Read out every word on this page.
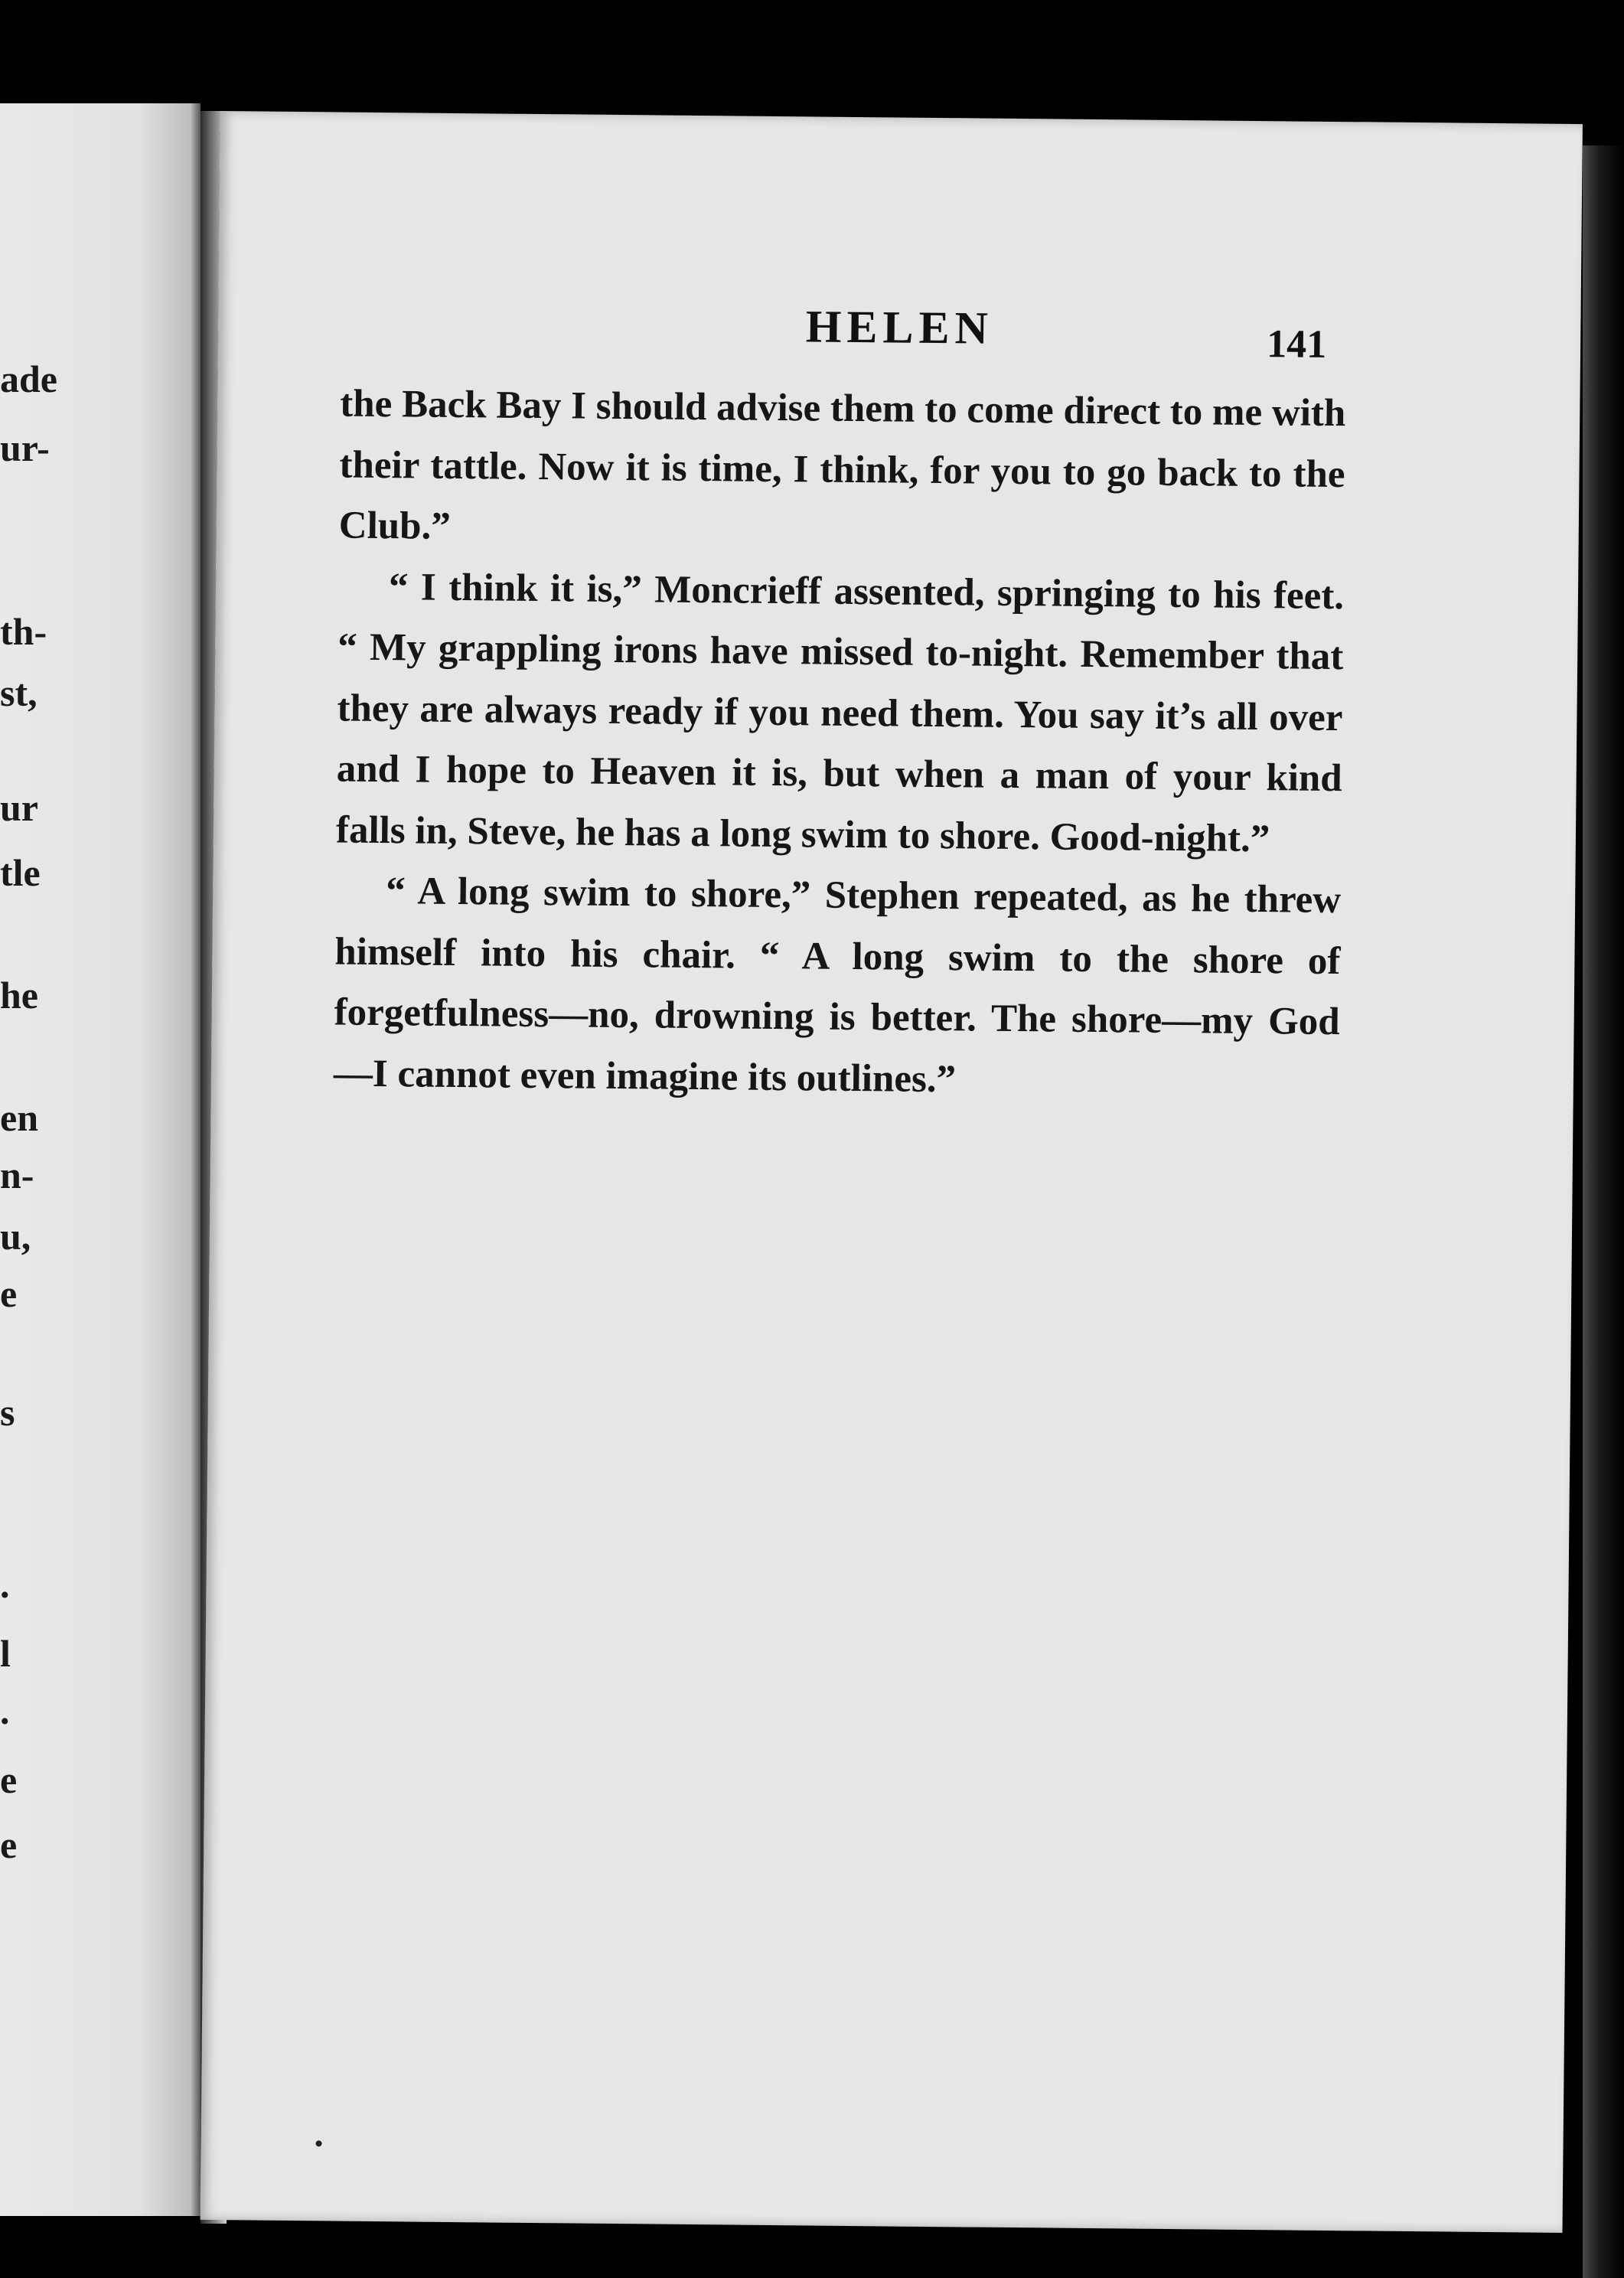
ade
ur-
th-
st,
ur
tle
he
en
n-
u,
e
s
.
l
.
e
e
HELEN	141

the Back Bay I should advise them to come direct to me with their tattle. Now it is time, I think, for you to go back to the Club.”

“ I think it is,” Moncrieff assented, springing to his feet. “ My grappling irons have missed to-night. Remember that they are always ready if you need them. You say it’s all over and I hope to Heaven it is, but when a man of your kind falls in, Steve, he has a long swim to shore. Good-night.”

“ A long swim to shore,” Stephen repeated, as he threw himself into his chair. “ A long swim to the shore of forgetfulness—no, drowning is better. The shore—my God—I cannot even imagine its outlines.”
